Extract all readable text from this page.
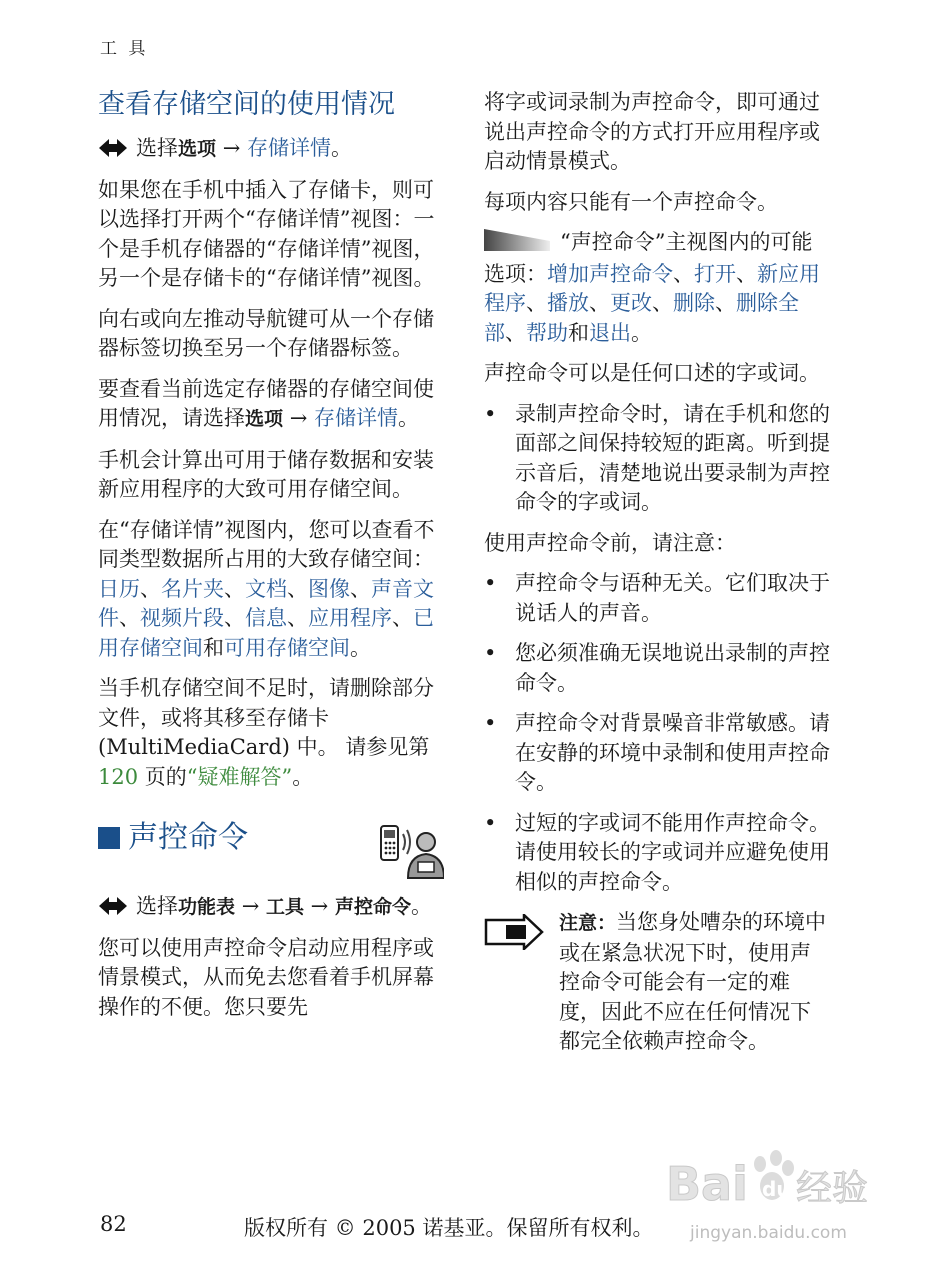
工 具
查看存储空间的使用情况

选择选项 → 存储详情。

如果您在手机中插入了存储卡，则可以选择打开两个“存储详情”视图：一个是手机存储器的“存储详情”视图，另一个是存储卡的“存储详情”视图。

向右或向左推动导航键可从一个存储器标签切换至另一个存储器标签。

要查看当前选定存储器的存储空间使用情况，请选择选项 → 存储详情。

手机会计算出可用于储存数据和安装新应用程序的大致可用存储空间。

在“存储详情”视图内，您可以查看不同类型数据所占用的大致存储空间：日历、名片夹、文档、图像、声音文件、视频片段、信息、应用程序、已用存储空间和可用存储空间。

当手机存储空间不足时，请删除部分文件，或将其移至存储卡 (MultiMediaCard) 中。 请参见第 120 页的“疑难解答”。

声控命令

选择功能表 → 工具 → 声控命令。

您可以使用声控命令启动应用程序或情景模式，从而免去您看着手机屏幕操作的不便。您只要先

将字或词录制为声控命令，即可通过说出声控命令的方式打开应用程序或启动情景模式。

每项内容只能有一个声控命令。

“声控命令”主视图内的可能选项：增加声控命令、打开、新应用程序、播放、更改、删除、删除全部、帮助和退出。

声控命令可以是任何口述的字或词。

• 录制声控命令时，请在手机和您的面部之间保持较短的距离。听到提示音后，清楚地说出要录制为声控命令的字或词。

使用声控命令前，请注意：

• 声控命令与语种无关。它们取决于说话人的声音。
• 您必须准确无误地说出录制的声控命令。
• 声控命令对背景噪音非常敏感。请在安静的环境中录制和使用声控命令。
• 过短的字或词不能用作声控命令。请使用较长的字或词并应避免使用相似的声控命令。

注意：当您身处嘈杂的环境中或在紧急状况下时，使用声控命令可能会有一定的难度，因此不应在任何情况下都完全依赖声控命令。

82	版权所有 © 2005 诺基亚。保留所有权利。
Bai du 经验
jingyan.baidu.com
